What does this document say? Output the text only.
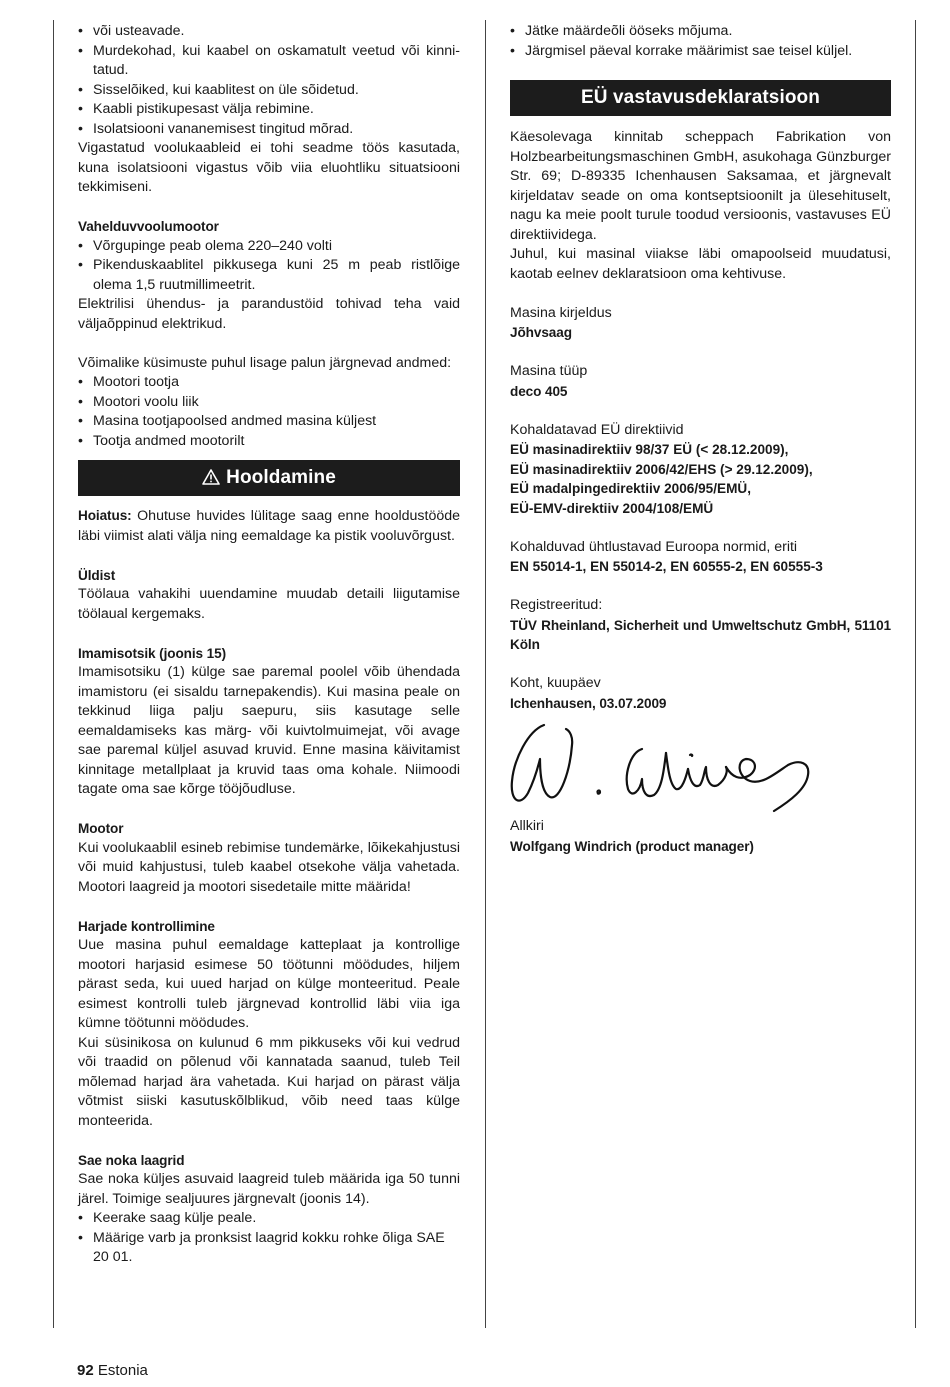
• või usteavade.
• Murdekohad, kui kaabel on oskamatult veetud või kinni-tatud.
• Sisselõiked, kui kaablitest on üle sõidetud.
• Kaabli pistikupesast välja rebimine.
• Isolatsiooni vananemisest tingitud mõrad.

Vigastatud voolukaableid ei tohi seadme töös kasutada, kuna isolatsiooni vigastus võib viia eluohtliku situatsiooni tekkimiseni.

Vahelduvvoolumootor

• Võrgupinge peab olema 220–240 volti
• Pikenduskaablitel pikkusega kuni 25 m peab ristlõige olema 1,5 ruutmillimeetrit.

Elektrilisi ühendus- ja parandustöid tohivad teha vaid väljaõppinud elektrikud.

Võimalike küsimuste puhul lisage palun järgnevad andmed:

• Mootori tootja
• Mootori voolu liik
• Masina tootjapoolsed andmed masina küljest
• Tootja andmed mootorilt
Hooldamine

Hoiatus: Ohutuse huvides lülitage saag enne hooldustööde läbi viimist alati välja ning eemaldage ka pistik vooluvõrgust.

Üldist

Töölaua vahakihi uuendamine muudab detaili liigutamise töölaual kergemaks.

Imamisotsik (joonis 15)

Imamisotsiku (1) külge sae paremal poolel võib ühendada imamistoru (ei sisaldu tarnepakendis). Kui masina peale on tekkinud liiga palju saepuru, siis kasutage selle eemaldamiseks kas märg- või kuivtolmuimejat, või avage sae paremal küljel asuvad kruvid. Enne masina käivitamist kinnitage metallplaat ja kruvid taas oma kohale. Niimoodi tagate oma sae kõrge tööjõudluse.

Mootor

Kui voolukaablil esineb rebimise tundemärke, lõikekahjustusi või muid kahjustusi, tuleb kaabel otsekohe välja vahetada. Mootori laagreid ja mootori sisedetaile mitte määrida!

Harjade kontrollimine

Uue masina puhul eemaldage katteplaat ja kontrollige mootori harjasid esimese 50 töötunni möödudes, hiljem pärast seda, kui uued harjad on külge monteeritud. Peale esimest kontrolli tuleb järgnevad kontrollid läbi viia iga kümne töötunni möödudes.

Kui süsinikosa on kulunud 6 mm pikkuseks või kui vedrud või traadid on põlenud või kannatada saanud, tuleb Teil mõlemad harjad ära vahetada. Kui harjad on pärast välja võtmist siiski kasutuskõlblikud, võib need taas külge monteerida.

Sae noka laagrid

Sae noka küljes asuvaid laagreid tuleb määrida iga 50 tunni järel. Toimige sealjuures järgnevalt (joonis 14).

• Keerake saag külje peale.
• Määrige varb ja pronksist laagrid kokku rohke õliga SAE 20 01.
• Jätke määrdeõli ööseks mõjuma.
• Järgmisel päeval korrake määrimist sae teisel küljel.
EÜ vastavusdeklaratsioon

Käesolevaga kinnitab scheppach Fabrikation von Holzbearbeitungsmaschinen GmbH, asukohaga Günzburger Str. 69; D-89335 Ichenhausen Saksamaa, et järgnevalt kirjeldatav seade on oma kontseptsioonilt ja ülesehituselt, nagu ka meie poolt turule toodud versioonis, vastavuses EÜ direktiividega.

Juhul, kui masinal viiakse läbi omapoolseid muudatusi, kaotab eelnev deklaratsioon oma kehtivuse.

Masina kirjeldus

Jõhvsaag

Masina tüüp

deco 405

Kohaldatavad EÜ direktiivid

EÜ masinadirektiiv 98/37 EÜ (< 28.12.2009),

EÜ masinadirektiiv 2006/42/EHS (> 29.12.2009),

EÜ madalpingedirektiiv 2006/95/EMÜ,

EÜ-EMV-direktiiv 2004/108/EMÜ

Kohalduvad ühtlustavad Euroopa normid, eriti

EN 55014-1, EN 55014-2, EN 60555-2, EN 60555-3

Registreeritud:

TÜV Rheinland, Sicherheit und Umweltschutz GmbH, 51101 Köln

Koht, kuupäev

Ichenhausen, 03.07.2009

Allkiri

Wolfgang Windrich (product manager)

92 Estonia
